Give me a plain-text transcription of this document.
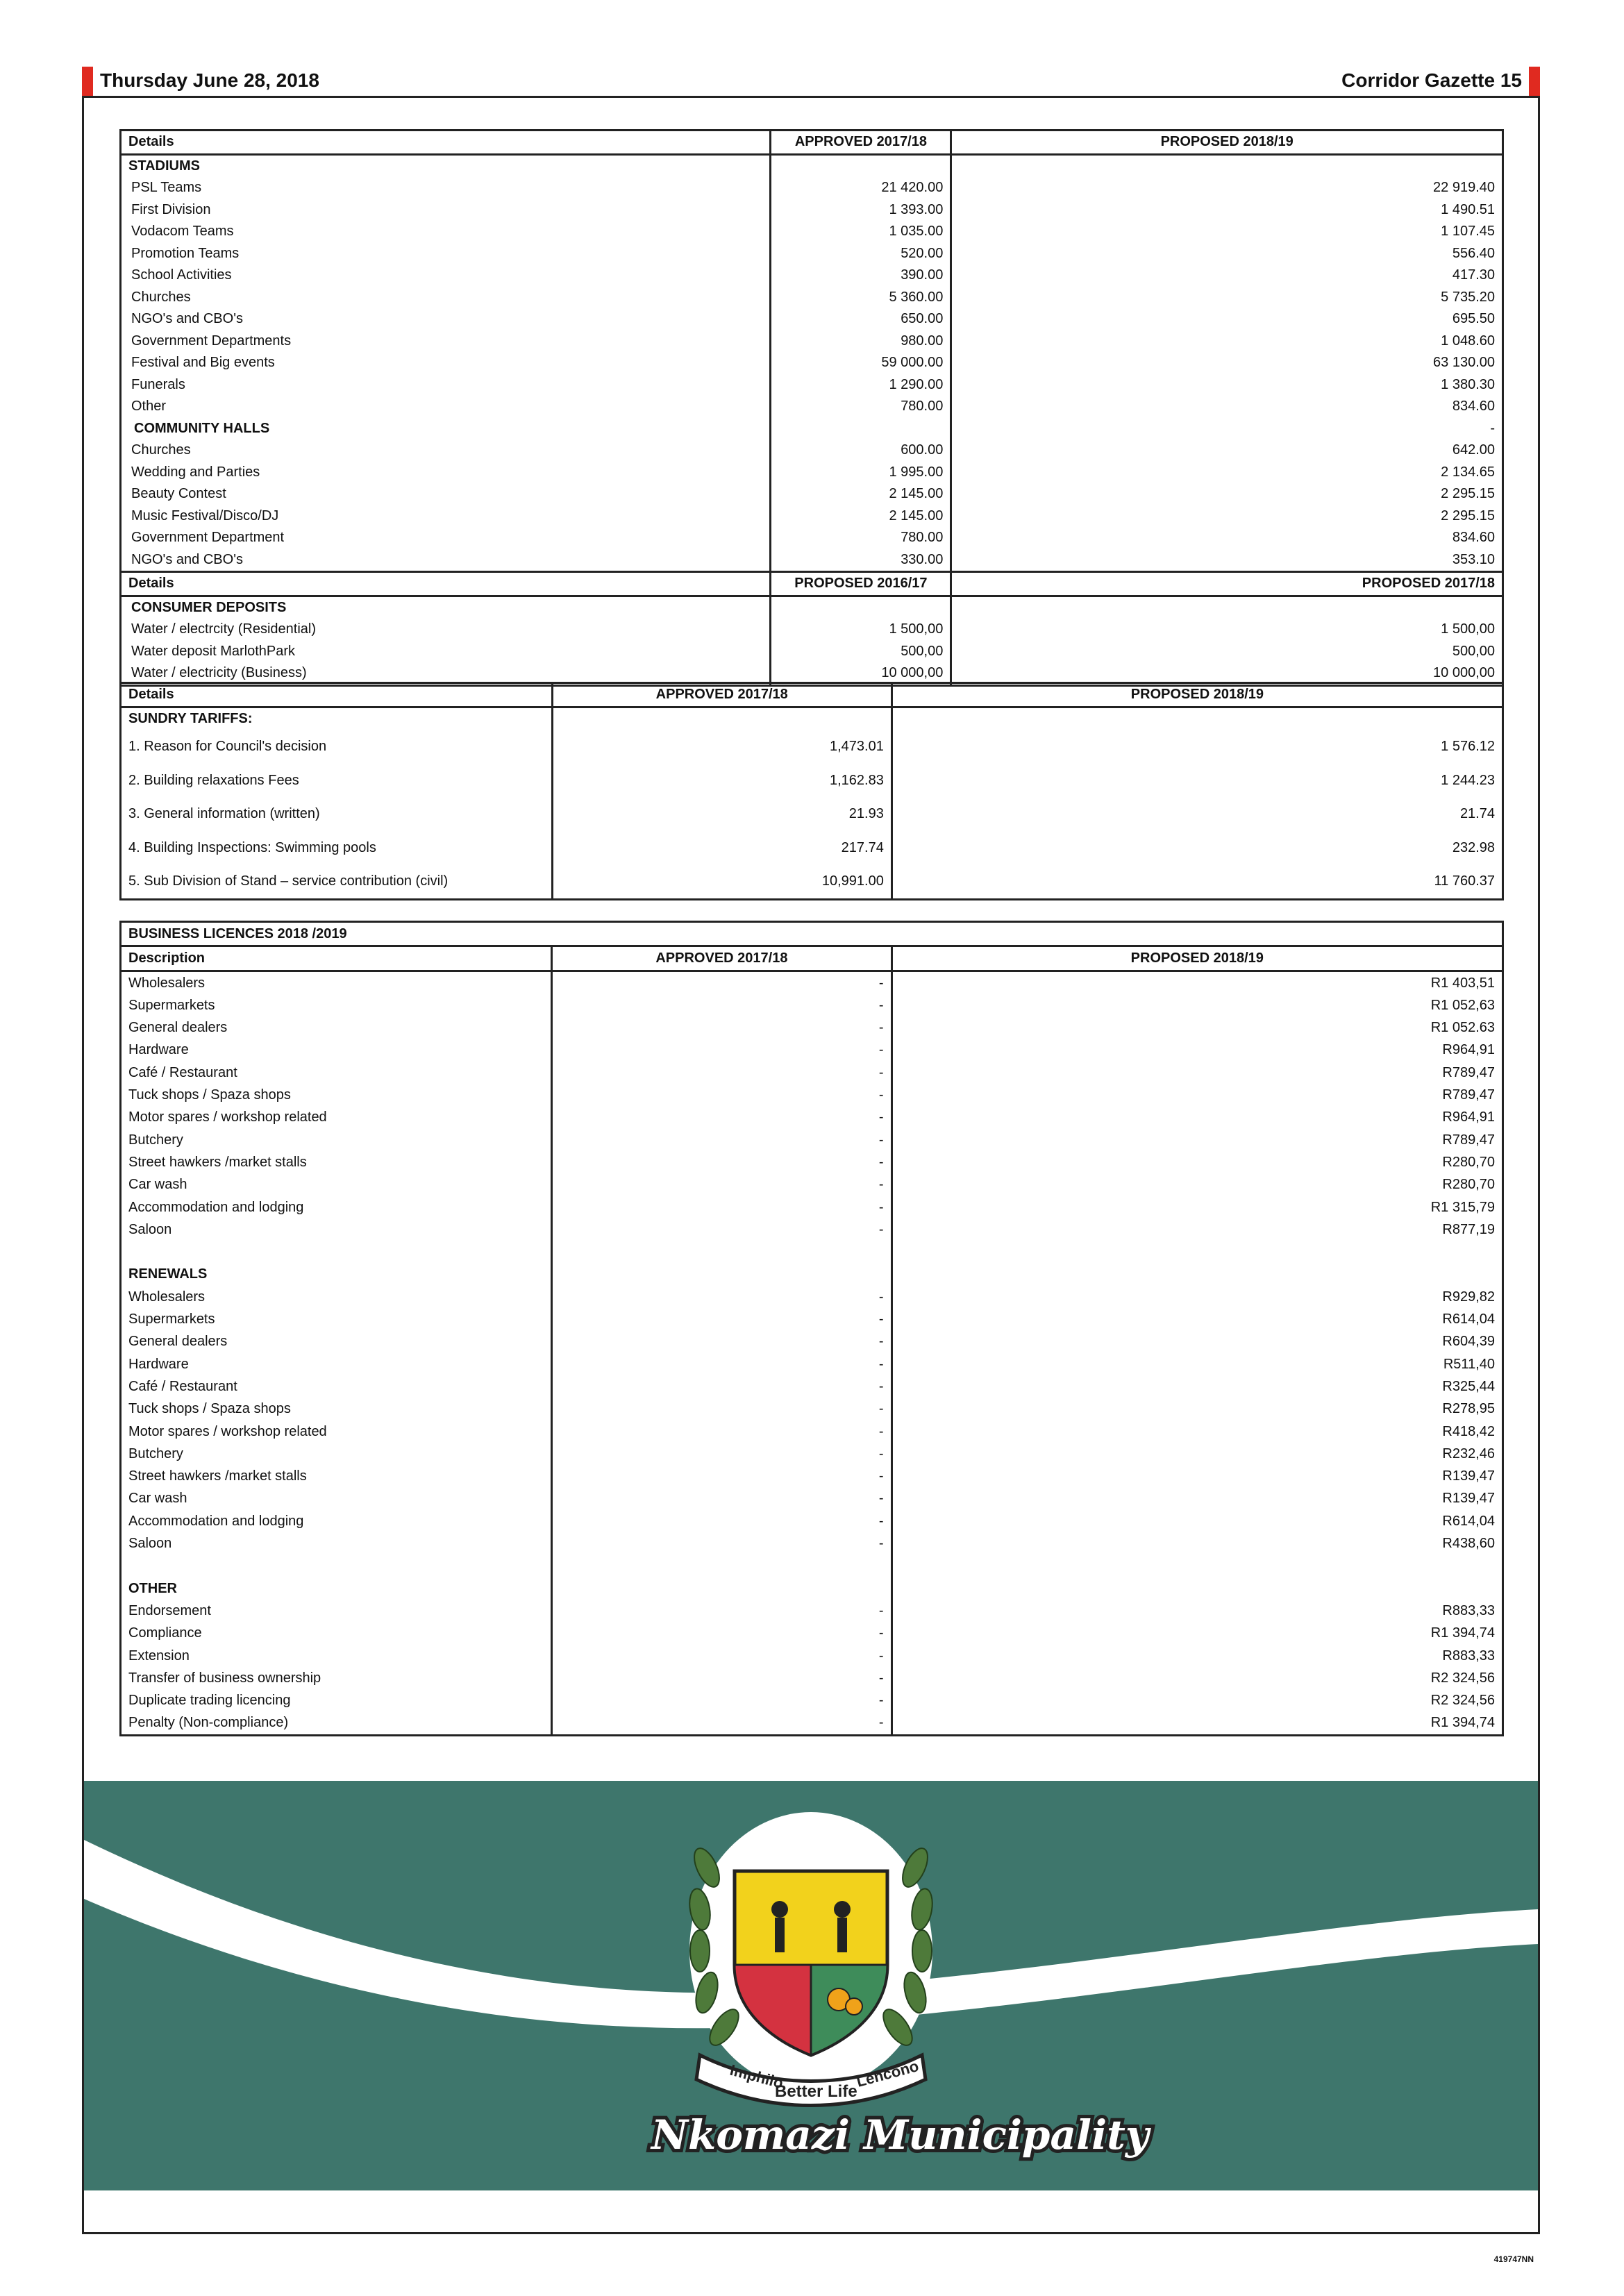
Thursday June 28, 2018	Corridor Gazette 15
Details	APPROVED 2017/18	PROPOSED 2018/19
STADIUMS		
PSL Teams	21 420.00	22 919.40
First Division	1 393.00	1 490.51
Vodacom Teams	1 035.00	1 107.45
Promotion Teams	520.00	556.40
School Activities	390.00	417.30
Churches	5 360.00	5 735.20
NGO's and CBO's	650.00	695.50
Government Departments	980.00	1 048.60
Festival and Big events	59 000.00	63 130.00
Funerals	1 290.00	1 380.30
Other	780.00	834.60
COMMUNITY HALLS		-
Churches	600.00	642.00
Wedding and Parties	1 995.00	2 134.65
Beauty Contest	2 145.00	2 295.15
Music Festival/Disco/DJ	2 145.00	2 295.15
Government Department	780.00	834.60
NGO's and CBO's	330.00	353.10
Details	PROPOSED 2016/17	PROPOSED 2017/18
CONSUMER DEPOSITS		
Water / electrcity (Residential)	1 500,00	1 500,00
Water deposit MarlothPark	500,00	500,00
Water / electricity (Business)	10 000,00	10 000,00
Details	APPROVED 2017/18	PROPOSED 2018/19
SUNDRY TARIFFS:		
1. Reason for Council's decision	1,473.01	1 576.12
2. Building relaxations Fees	1,162.83	1 244.23
3. General information (written)	21.93	21.74
4. Building Inspections: Swimming pools	217.74	232.98
5. Sub Division of Stand – service contribution (civil)	10,991.00	11 760.37
BUSINESS LICENCES 2018 /2019		
Description	APPROVED 2017/18	PROPOSED 2018/19
Wholesalers	-	R1 403,51
Supermarkets	-	R1 052,63
General dealers	-	R1 052.63
Hardware	-	R964,91
Café / Restaurant	-	R789,47
Tuck shops / Spaza shops	-	R789,47
Motor spares / workshop related	-	R964,91
Butchery	-	R789,47
Street hawkers /market stalls	-	R280,70
Car wash	-	R280,70
Accommodation and lodging	-	R1 315,79
Saloon	-	R877,19

RENEWALS		
Wholesalers	-	R929,82
Supermarkets	-	R614,04
General dealers	-	R604,39
Hardware	-	R511,40
Café / Restaurant	-	R325,44
Tuck shops / Spaza shops	-	R278,95
Motor spares / workshop related	-	R418,42
Butchery	-	R232,46
Street hawkers /market stalls	-	R139,47
Car wash	-	R139,47
Accommodation and lodging	-	R614,04
Saloon	-	R438,60

OTHER		
Endorsement	-	R883,33
Compliance	-	R1 394,74
Extension	-	R883,33
Transfer of business ownership	-	R2 324,56
Duplicate trading licencing	-	R2 324,56
Penalty (Non-compliance)	-	R1 394,74
Imphilo
Better Life
Lencono
Nkomazi Municipality
419747NN
